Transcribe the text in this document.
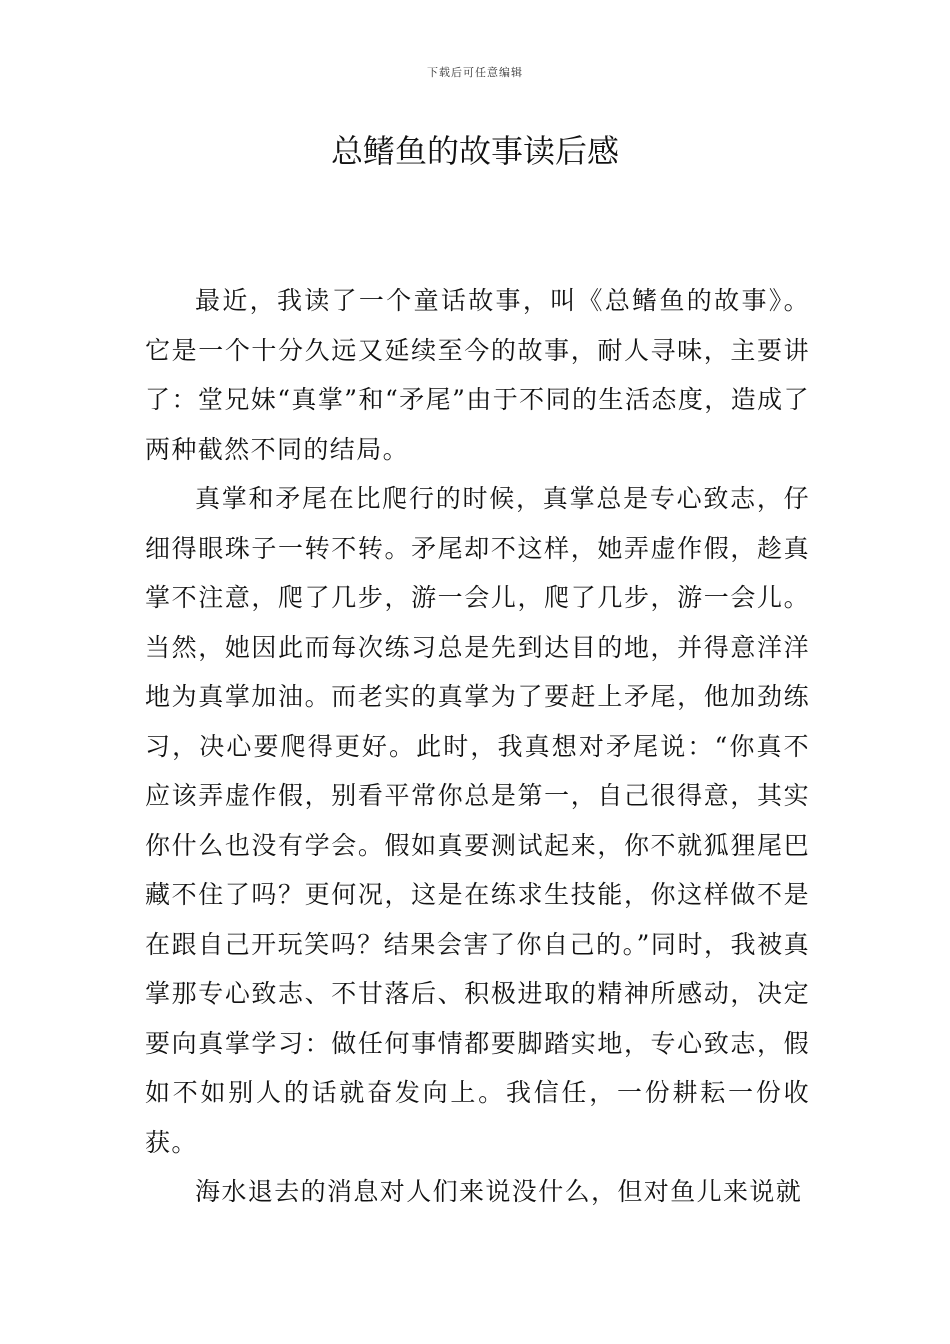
下载后可任意编辑
总鳍鱼的故事读后感

最近，我读了一个童话故事，叫《总鳍鱼的故事》。它是一个十分久远又延续至今的故事，耐人寻味，主要讲了：堂兄妹“真掌”和“矛尾”由于不同的生活态度，造成了两种截然不同的结局。

真掌和矛尾在比爬行的时候，真掌总是专心致志，仔细得眼珠子一转不转。矛尾却不这样，她弄虚作假，趁真掌不注意，爬了几步，游一会儿，爬了几步，游一会儿。当然，她因此而每次练习总是先到达目的地，并得意洋洋地为真掌加油。而老实的真掌为了要赶上矛尾，他加劲练习，决心要爬得更好。此时，我真想对矛尾说：“你真不应该弄虚作假，别看平常你总是第一，自己很得意，其实你什么也没有学会。假如真要测试起来，你不就狐狸尾巴藏不住了吗？更何况，这是在练求生技能，你这样做不是在跟自己开玩笑吗？结果会害了你自己的。”同时，我被真掌那专心致志、不甘落后、积极进取的精神所感动，决定要向真掌学习：做任何事情都要脚踏实地，专心致志，假如不如别人的话就奋发向上。我信任，一份耕耘一份收获。

海水退去的消息对人们来说没什么，但对鱼儿来说就
